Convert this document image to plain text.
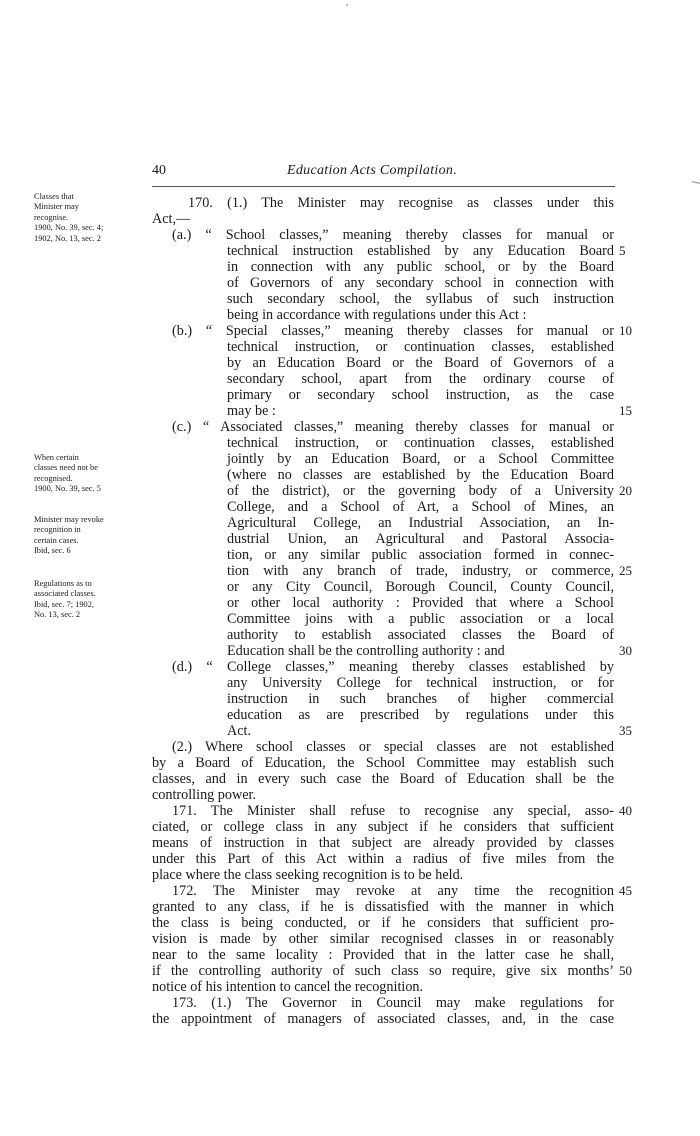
40	Education Acts Compilation.
Classes that
Minister may
recognise.
1900, No. 39, sec. 4;
1902, No. 13, sec. 2
When certain
classes need not be
recognised.
1900, No. 39, sec. 5
Minister may revoke
recognition in
certain cases.
Ibid, sec. 6
Regulations as to
associated classes.
Ibid, sec. 7; 1902,
No. 13, sec. 2
5
10
15
20
25
30
35
40
45
50
170. (1.) The Minister may recognise as classes under this
Act,—
(a.) “ School classes,” meaning thereby classes for manual or
technical instruction established by any Education Board
in connection with any public school, or by the Board
of Governors of any secondary school in connection with
such secondary school, the syllabus of such instruction
being in accordance with regulations under this Act :
(b.) “ Special classes,” meaning thereby classes for manual or
technical instruction, or continuation classes, established
by an Education Board or the Board of Governors of a
secondary school, apart from the ordinary course of
primary or secondary school instruction, as the case
may be :
(c.) “ Associated classes,” meaning thereby classes for manual or
technical instruction, or continuation classes, established
jointly by an Education Board, or a School Committee
(where no classes are established by the Education Board
of the district), or the governing body of a University
College, and a School of Art, a School of Mines, an
Agricultural College, an Industrial Association, an In-
dustrial Union, an Agricultural and Pastoral Associa-
tion, or any similar public association formed in connec-
tion with any branch of trade, industry, or commerce,
or any City Council, Borough Council, County Council,
or other local authority : Provided that where a School
Committee joins with a public association or a local
authority to establish associated classes the Board of
Education shall be the controlling authority : and
(d.) “ College classes,” meaning thereby classes established by
any University College for technical instruction, or for
instruction in such branches of higher commercial
education as are prescribed by regulations under this
Act.
(2.) Where school classes or special classes are not established
by a Board of Education, the School Committee may establish such
classes, and in every such case the Board of Education shall be the
controlling power.
171. The Minister shall refuse to recognise any special, asso-
ciated, or college class in any subject if he considers that sufficient
means of instruction in that subject are already provided by classes
under this Part of this Act within a radius of five miles from the
place where the class seeking recognition is to be held.
172. The Minister may revoke at any time the recognition
granted to any class, if he is dissatisfied with the manner in which
the class is being conducted, or if he considers that sufficient pro-
vision is made by other similar recognised classes in or reasonably
near to the same locality : Provided that in the latter case he shall,
if the controlling authority of such class so require, give six months’
notice of his intention to cancel the recognition.
173. (1.) The Governor in Council may make regulations for
the appointment of managers of associated classes, and, in the case
